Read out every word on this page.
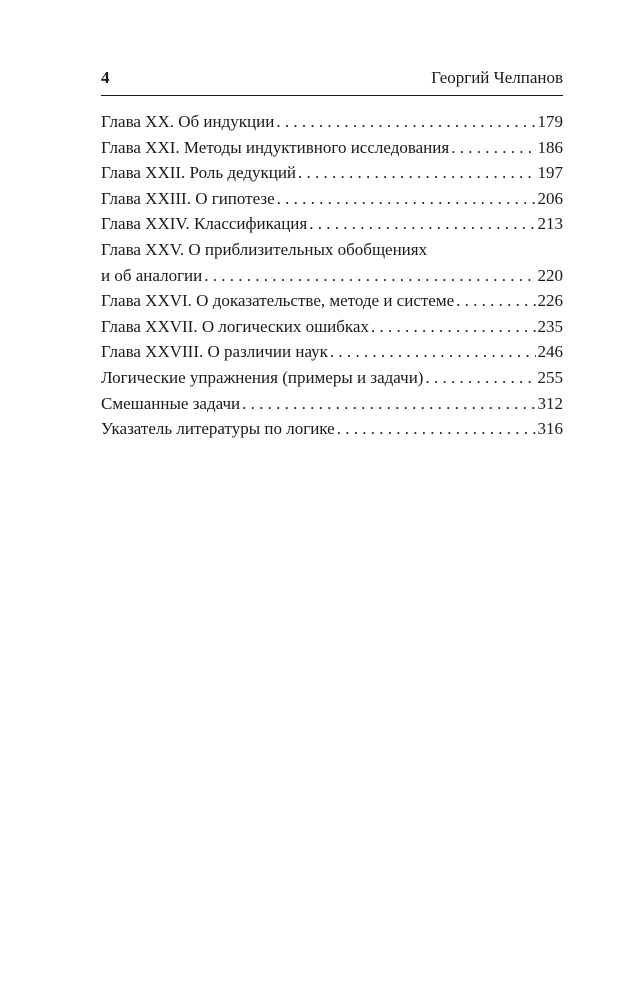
4	Георгий Челпанов
Глава XX. Об индукции . . .	179
Глава XXI. Методы индуктивного исследования . . .	186
Глава XXII. Роль дедукций . . .	197
Глава XXIII. О гипотезе . . .	206
Глава XXIV. Классификация . . .	213
Глава XXV. О приблизительных обобщениях
и об аналогии . . .	220
Глава XXVI. О доказательстве, методе и системе . . .	226
Глава XXVII. О логических ошибках . . .	235
Глава XXVIII. О различии наук . . .	246
Логические упражнения (примеры и задачи) . . .	255
Смешанные задачи . . .	312
Указатель литературы по логике . . .	316
